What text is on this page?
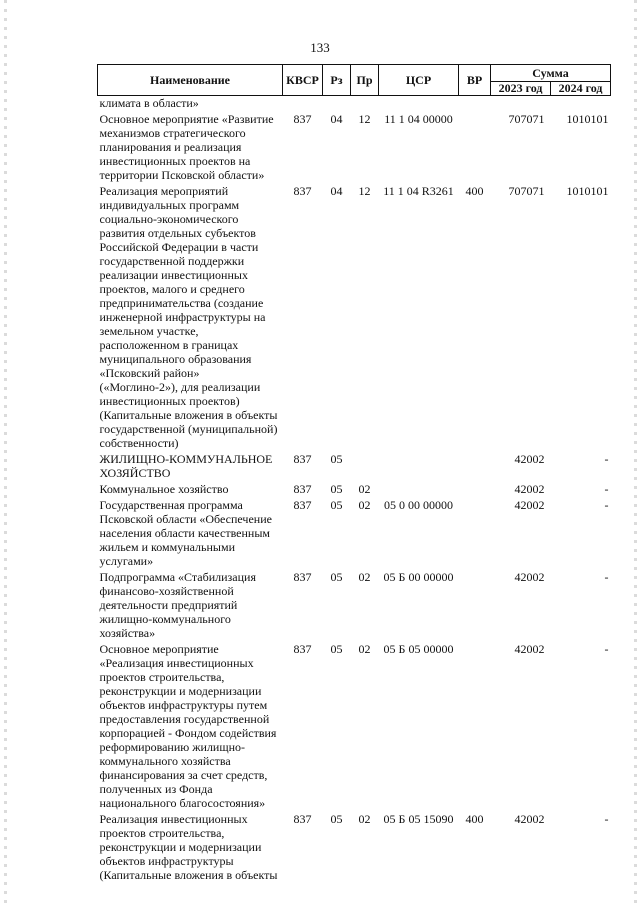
133
Наименование	КВСР	Рз	Пр	ЦСР	ВР	Сумма	
						2023 год	2024 год
климата в области»							
Основное мероприятие «Развитие механизмов стратегического планирования и реализация инвестиционных проектов на территории Псковской области»	837	04	12	11 1 04 00000		707071	1010101
Реализация мероприятий индивидуальных программ социально-экономического развития отдельных субъектов Российской Федерации в части государственной поддержки реализации инвестиционных проектов, малого и среднего предпринимательства (создание инженерной инфраструктуры на земельном участке, расположенном в границах муниципального образования «Псковский район» («Моглино-2»), для реализации инвестиционных проектов) (Капитальные вложения в объекты государственной (муниципальной) собственности)	837	04	12	11 1 04 R3261	400	707071	1010101
ЖИЛИЩНО-КОММУНАЛЬНОЕ ХОЗЯЙСТВО	837	05				42002	-
Коммунальное хозяйство	837	05	02			42002	-
Государственная программа Псковской области «Обеспечение населения области качественным жильем и коммунальными услугами»	837	05	02	05 0 00 00000		42002	-
Подпрограмма «Стабилизация финансово-хозяйственной деятельности предприятий жилищно-коммунального хозяйства»	837	05	02	05 Б 00 00000		42002	-
Основное мероприятие «Реализация инвестиционных проектов строительства, реконструкции и модернизации объектов инфраструктуры путем предоставления государственной корпорацией - Фондом содействия реформированию жилищно-коммунального хозяйства финансирования за счет средств, полученных из Фонда национального благосостояния»	837	05	02	05 Б 05 00000		42002	-
Реализация инвестиционных проектов строительства, реконструкции и модернизации объектов инфраструктуры (Капитальные вложения в объекты	837	05	02	05 Б 05 15090	400	42002	-
